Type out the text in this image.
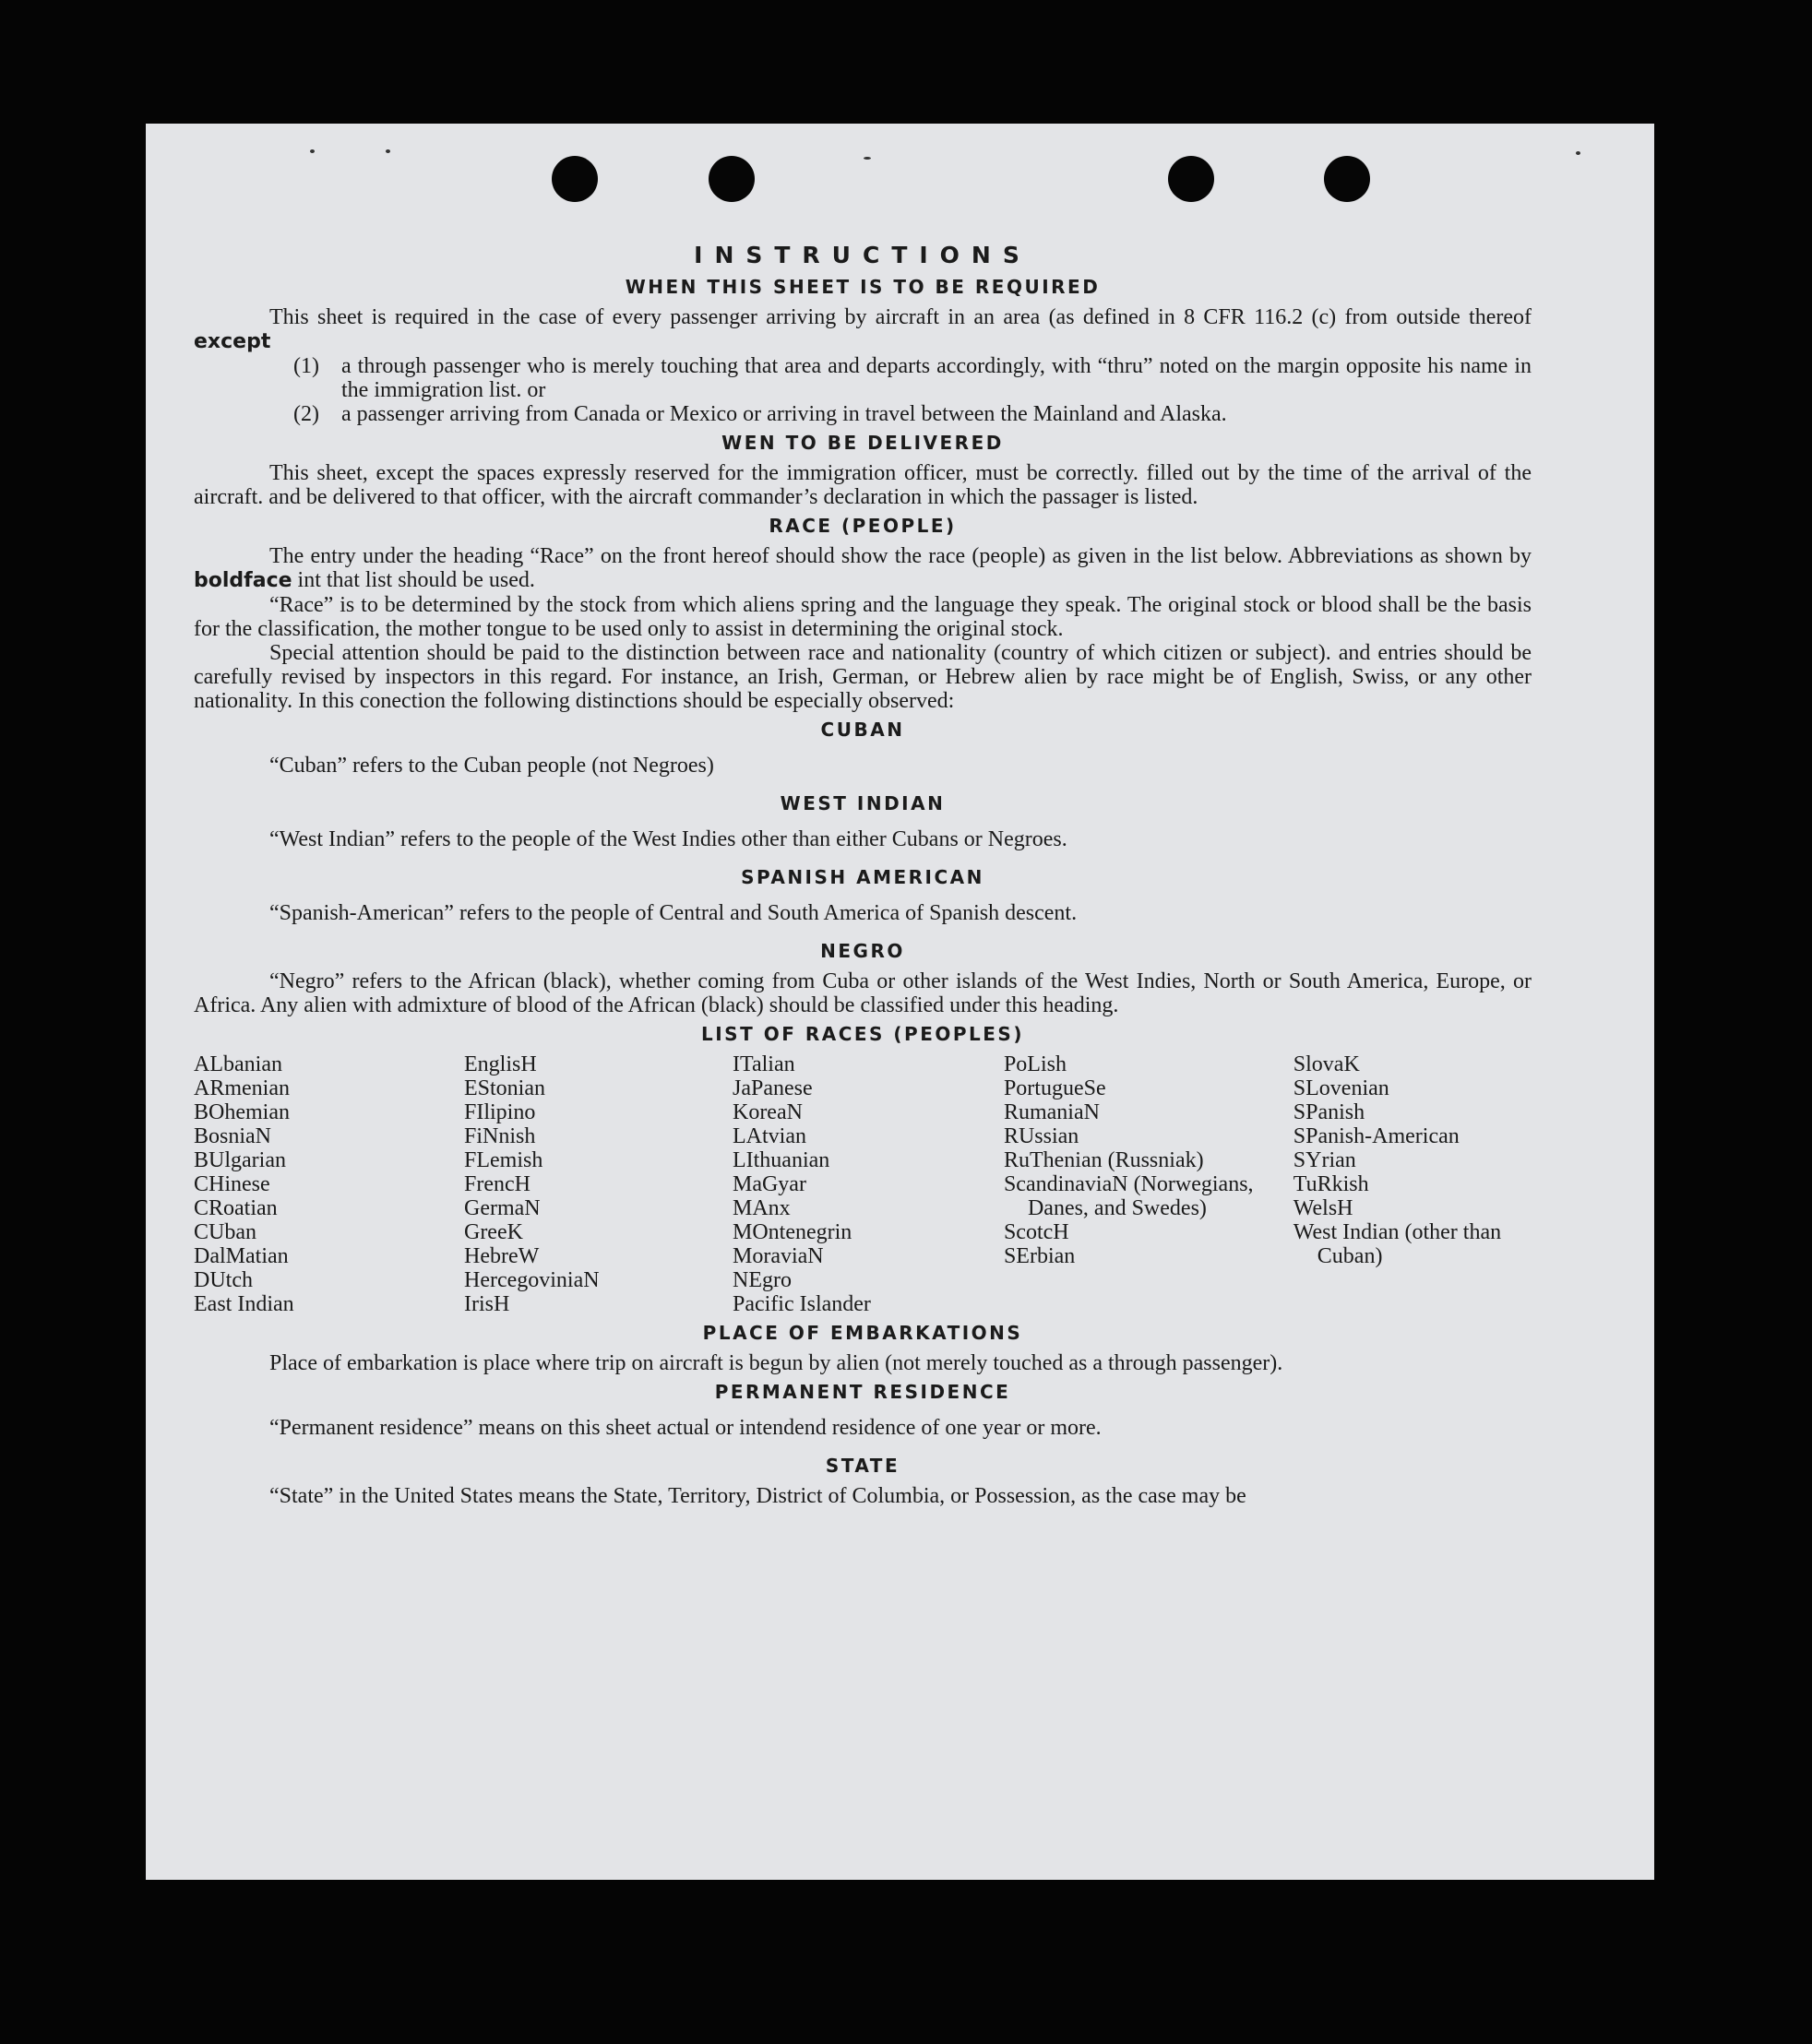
INSTRUCTIONS
WHEN THIS SHEET IS TO BE REQUIRED

This sheet is required in the case of every passenger arriving by aircraft in an area (as defined in 8 CFR 116.2 (c) from outside thereof except

(1)	a through passenger who is merely touching that area and departs accordingly, with “thru” noted on the margin opposite his name in the immigration list. or
(2)	a passenger arriving from Canada or Mexico or arriving in travel between the Mainland and Alaska.
WEN TO BE DELIVERED

This sheet, except the spaces expressly reserved for the immigration officer, must be correctly. filled out by the time of the arrival of the aircraft. and be delivered to that officer, with the aircraft commander’s declaration in which the passager is listed.

RACE (PEOPLE)

The entry under the heading “Race” on the front hereof should show the race (people) as given in the list below. Abbreviations as shown by boldface int that list should be used.

“Race” is to be determined by the stock from which aliens spring and the language they speak. The original stock or blood shall be the basis for the classification, the mother tongue to be used only to assist in determining the original stock.

Special attention should be paid to the distinction between race and nationality (country of which citizen or subject). and entries should be carefully revised by inspectors in this regard. For instance, an Irish, German, or Hebrew alien by race might be of English, Swiss, or any other nationality. In this conection the following distinctions should be especially observed:

CUBAN

“Cuban” refers to the Cuban people (not Negroes)

WEST INDIAN

“West Indian” refers to the people of the West Indies other than either Cubans or Negroes.

SPANISH AMERICAN

“Spanish-American” refers to the people of Central and South America of Spanish descent.

NEGRO

“Negro” refers to the African (black), whether coming from Cuba or other islands of the West Indies, North or South America, Europe, or Africa. Any alien with admixture of blood of the African (black) should be classified under this heading.

LIST OF RACES (PEOPLES)
ALbanian
ARmenian
BOhemian
BosniaN
BUlgarian
CHinese
CRoatian
CUban
DalMatian
DUtch
East Indian
EnglisH
EStonian
FIlipino
FiNnish
FLemish
FrencH
GermaN
GreeK
HebreW
HercegoviniaN
IrisH
ITalian
JaPanese
KoreaN
LAtvian
LIthuanian
MaGyar
MAnx
MOntenegrin
MoraviaN
NEgro
Pacific Islander
PoLish
PortugueSe
RumaniaN
RUssian
RuThenian (Russniak)
ScandinaviaN (Norwegians, Danes, and Swedes)
ScotcH
SErbian
SlovaK
SLovenian
SPanish
SPanish-American
SYrian
TuRkish
WelsH
West Indian (other than Cuban)
PLACE OF EMBARKATIONS

Place of embarkation is place where trip on aircraft is begun by alien (not merely touched as a through passenger).

PERMANENT RESIDENCE

“Permanent residence” means on this sheet actual or intendend residence of one year or more.

STATE

“State” in the United States means the State, Territory, District of Columbia, or Possession, as the case may be
